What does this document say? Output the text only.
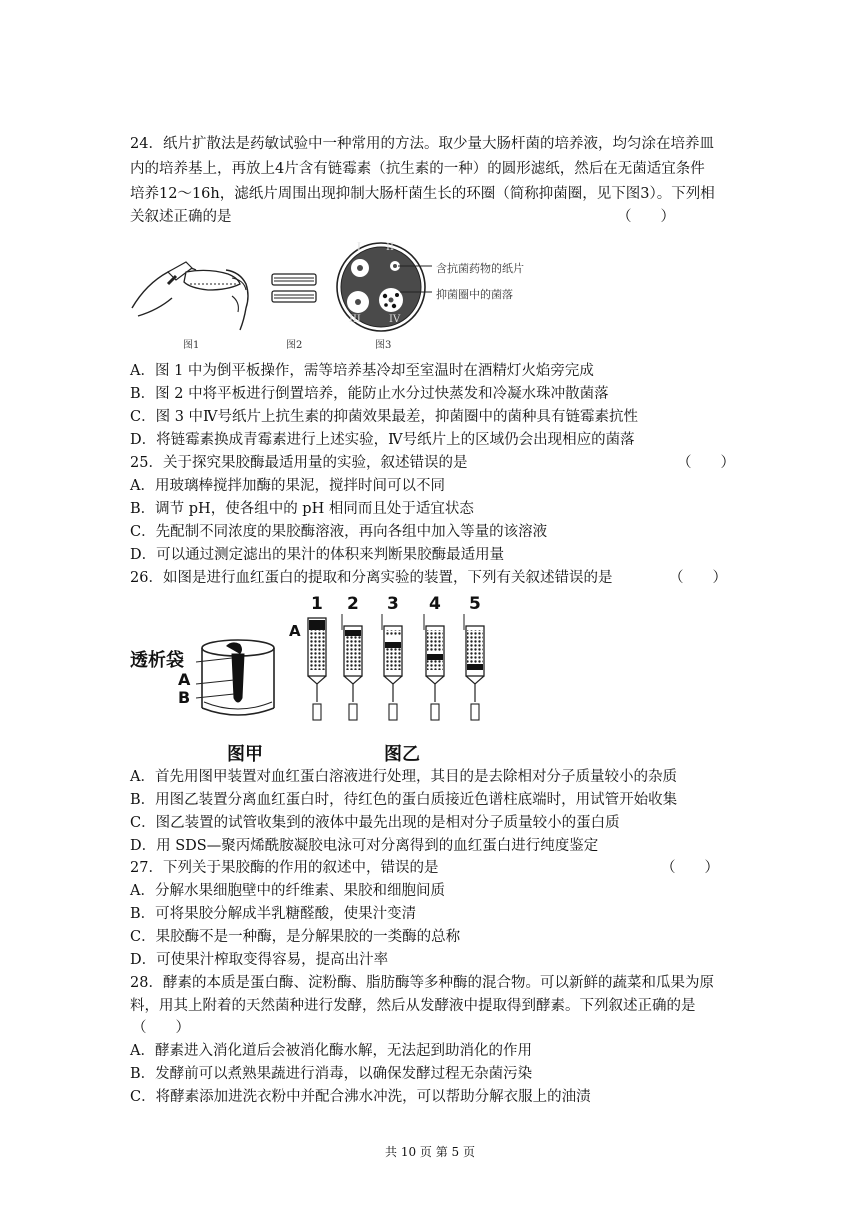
24．纸片扩散法是药敏试验中一种常用的方法。取少量大肠杆菌的培养液，均匀涂在培养皿
内的培养基上，再放上4片含有链霉素（抗生素的一种）的圆形滤纸，然后在无菌适宜条件
培养12～16h，滤纸片周围出现抑制大肠杆菌生长的环圈（简称抑菌圈，见下图3）。下列相
关叙述正确的是	（　　）
图1	图2
I	II
III	IV
含抗菌药物的纸片
抑菌圈中的菌落
图3
A．图 1 中为倒平板操作，需等培养基冷却至室温时在酒精灯火焰旁完成
B．图 2 中将平板进行倒置培养，能防止水分过快蒸发和冷凝水珠冲散菌落
C．图 3 中Ⅳ号纸片上抗生素的抑菌效果最差，抑菌圈中的菌种具有链霉素抗性
D．将链霉素换成青霉素进行上述实验，Ⅳ号纸片上的区域仍会出现相应的菌落
25．关于探究果胶酶最适用量的实验，叙述错误的是	（　　）
A．用玻璃棒搅拌加酶的果泥，搅拌时间可以不同
B．调节 pH，使各组中的 pH 相同而且处于适宜状态
C．先配制不同浓度的果胶酶溶液，再向各组中加入等量的该溶液
D．可以通过测定滤出的果汁的体积来判断果胶酶最适用量
26．如图是进行血红蛋白的提取和分离实验的装置，下列有关叙述错误的是	（　　）
透析袋
A
B
图甲
A
1 2 3 4 5
图乙
A．首先用图甲装置对血红蛋白溶液进行处理，其目的是去除相对分子质量较小的杂质
B．用图乙装置分离血红蛋白时，待红色的蛋白质接近色谱柱底端时，用试管开始收集
C．图乙装置的试管收集到的液体中最先出现的是相对分子质量较小的蛋白质
D．用 SDS—聚丙烯酰胺凝胶电泳可对分离得到的血红蛋白进行纯度鉴定
27．下列关于果胶酶的作用的叙述中，错误的是	（　　）
A．分解水果细胞壁中的纤维素、果胶和细胞间质
B．可将果胶分解成半乳糖醛酸，使果汁变清
C．果胶酶不是一种酶，是分解果胶的一类酶的总称
D．可使果汁榨取变得容易，提高出汁率
28．酵素的本质是蛋白酶、淀粉酶、脂肪酶等多种酶的混合物。可以新鲜的蔬菜和瓜果为原
料，用其上附着的天然菌种进行发酵，然后从发酵液中提取得到酵素。下列叙述正确的是
（　　）
A．酵素进入消化道后会被消化酶水解，无法起到助消化的作用
B．发酵前可以煮熟果蔬进行消毒，以确保发酵过程无杂菌污染
C．将酵素添加进洗衣粉中并配合沸水冲洗，可以帮助分解衣服上的油渍
共 10 页 第 5 页
